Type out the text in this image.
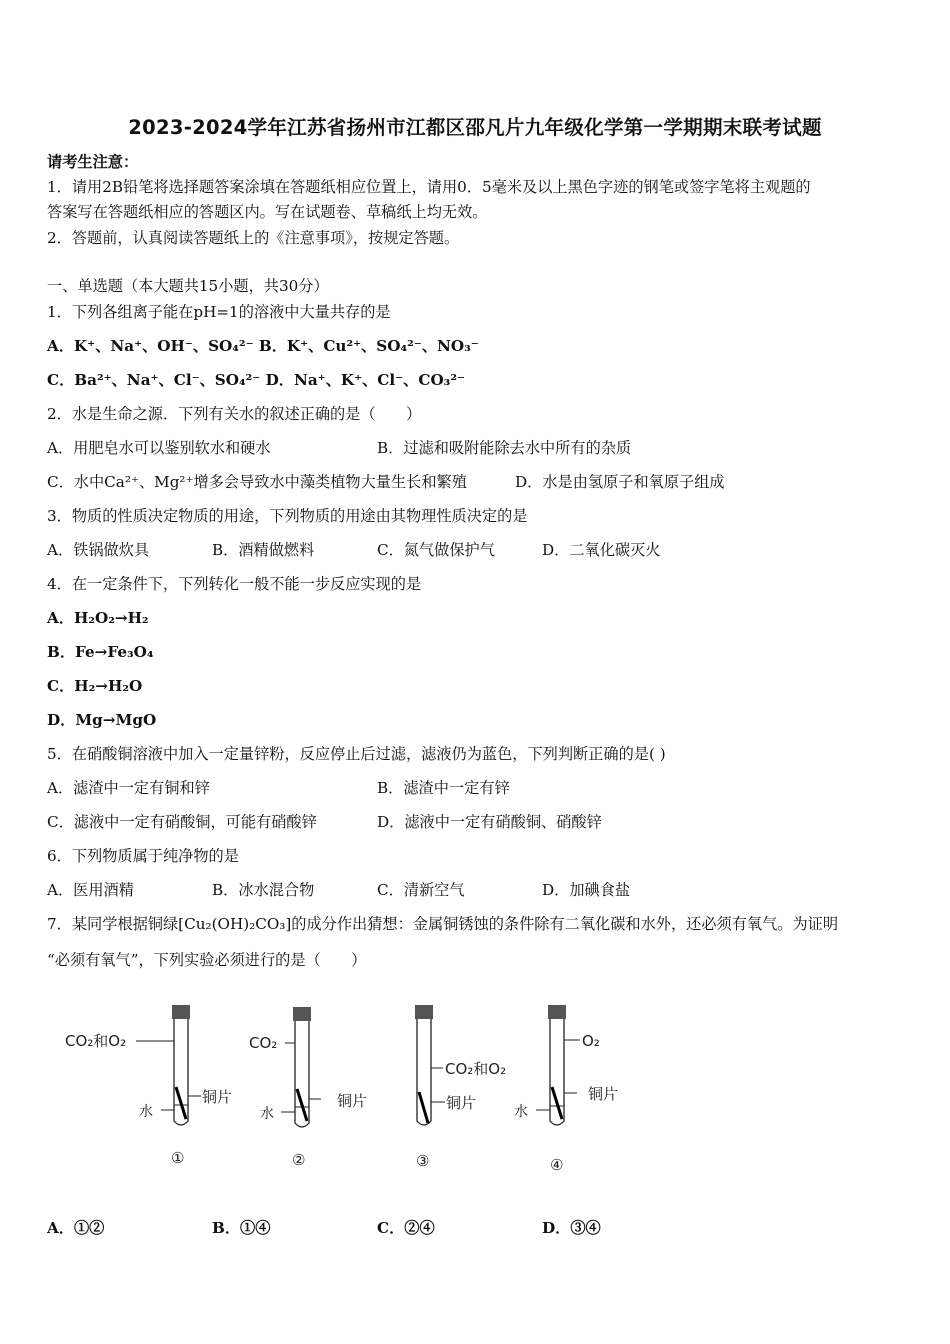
2023-2024学年江苏省扬州市江都区邵凡片九年级化学第一学期期末联考试题
请考生注意：
1．请用2B铅笔将选择题答案涂填在答题纸相应位置上，请用0．5毫米及以上黑色字迹的钢笔或签字笔将主观题的
答案写在答题纸相应的答题区内。写在试题卷、草稿纸上均无效。
2．答题前，认真阅读答题纸上的《注意事项》，按规定答题。
一、单选题（本大题共15小题，共30分）
1．下列各组离子能在pH=1的溶液中大量共存的是
A．K⁺、Na⁺、OH⁻、SO₄²⁻ B．K⁺、Cu²⁺、SO₄²⁻、NO₃⁻
C．Ba²⁺、Na⁺、Cl⁻、SO₄²⁻ D．Na⁺、K⁺、Cl⁻、CO₃²⁻
2．水是生命之源．下列有关水的叙述正确的是（　　）
A．用肥皂水可以鉴别软水和硬水	B．过滤和吸附能除去水中所有的杂质
C．水中Ca²⁺、Mg²⁺增多会导致水中藻类植物大量生长和繁殖	D．水是由氢原子和氧原子组成
3．物质的性质决定物质的用途，下列物质的用途由其物理性质决定的是
A．铁锅做炊具	B．酒精做燃料	C．氮气做保护气	D．二氧化碳灭火
4．在一定条件下，下列转化一般不能一步反应实现的是
A．H₂O₂→H₂
B．Fe→Fe₃O₄
C．H₂→H₂O
D．Mg→MgO
5．在硝酸铜溶液中加入一定量锌粉，反应停止后过滤，滤液仍为蓝色，下列判断正确的是( )
A．滤渣中一定有铜和锌	B．滤渣中一定有锌
C．滤液中一定有硝酸铜，可能有硝酸锌	D．滤液中一定有硝酸铜、硝酸锌
6．下列物质属于纯净物的是
A．医用酒精	B．冰水混合物	C．清新空气	D．加碘食盐
7．某同学根据铜绿[Cu₂(OH)₂CO₃]的成分作出猜想：金属铜锈蚀的条件除有二氧化碳和水外，还必须有氧气。为证明
“必须有氧气”，下列实验必须进行的是（　　）
CO₂和O₂
水
铜片
①
CO₂
水
铜片
②
CO₂和O₂
铜片
③
O₂
水
铜片
④
A．①②	B．①④	C．②④	D．③④
